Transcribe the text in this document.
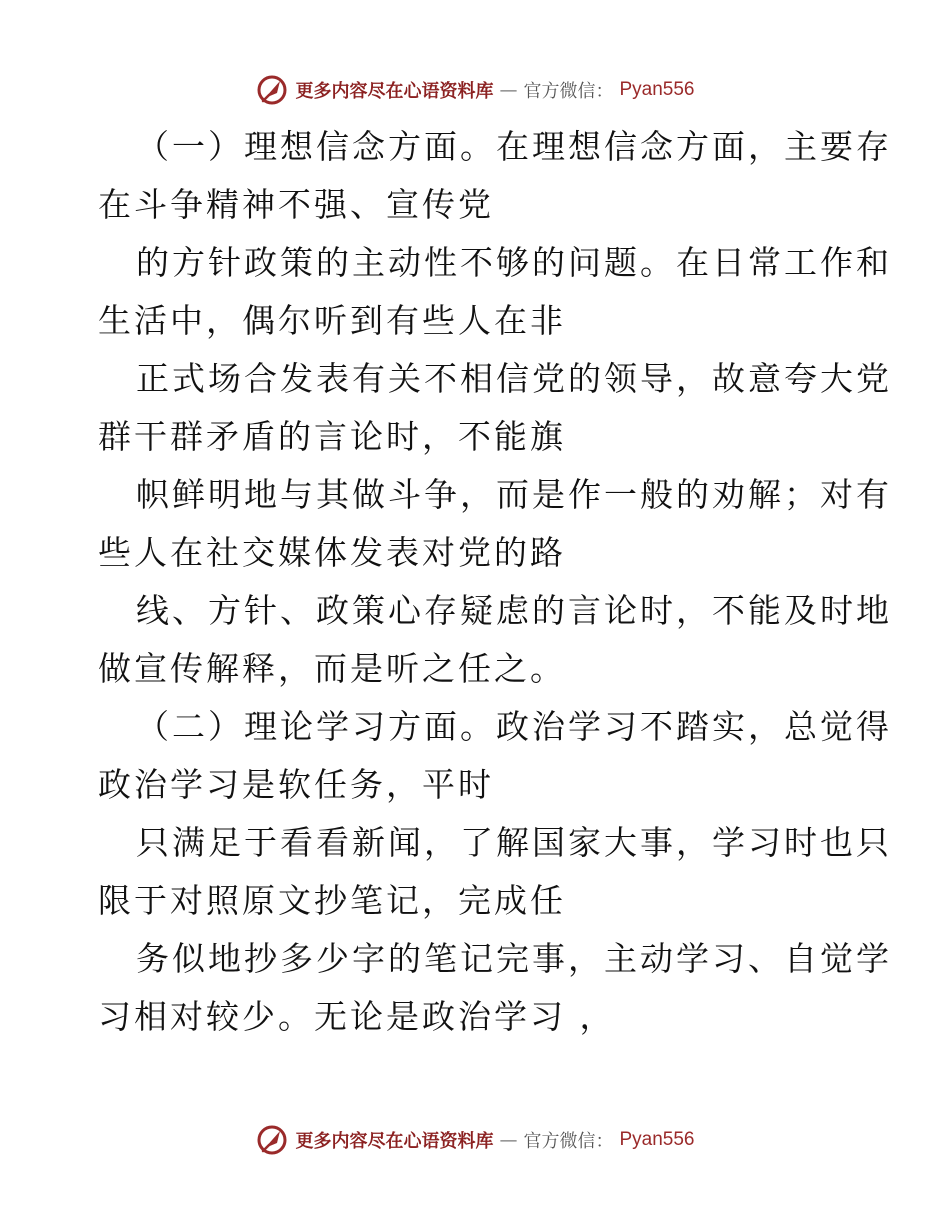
更多内容尽在心语资料库 — 官方微信： Pyan556
（一）理想信念方面。在理想信念方面，主要存
在斗争精神不强、宣传党
的方针政策的主动性不够的问题。在日常工作和
生活中，偶尔听到有些人在非
正式场合发表有关不相信党的领导，故意夸大党
群干群矛盾的言论时，不能旗
帜鲜明地与其做斗争，而是作一般的劝解；对有
些人在社交媒体发表对党的路
线、方针、政策心存疑虑的言论时，不能及时地
做宣传解释，而是听之任之。
（二）理论学习方面。政治学习不踏实，总觉得
政治学习是软任务，平时
只满足于看看新闻，了解国家大事，学习时也只
限于对照原文抄笔记，完成任
务似地抄多少字的笔记完事，主动学习、自觉学
习相对较少。无论是政治学习 ，
更多内容尽在心语资料库 — 官方微信： Pyan556
